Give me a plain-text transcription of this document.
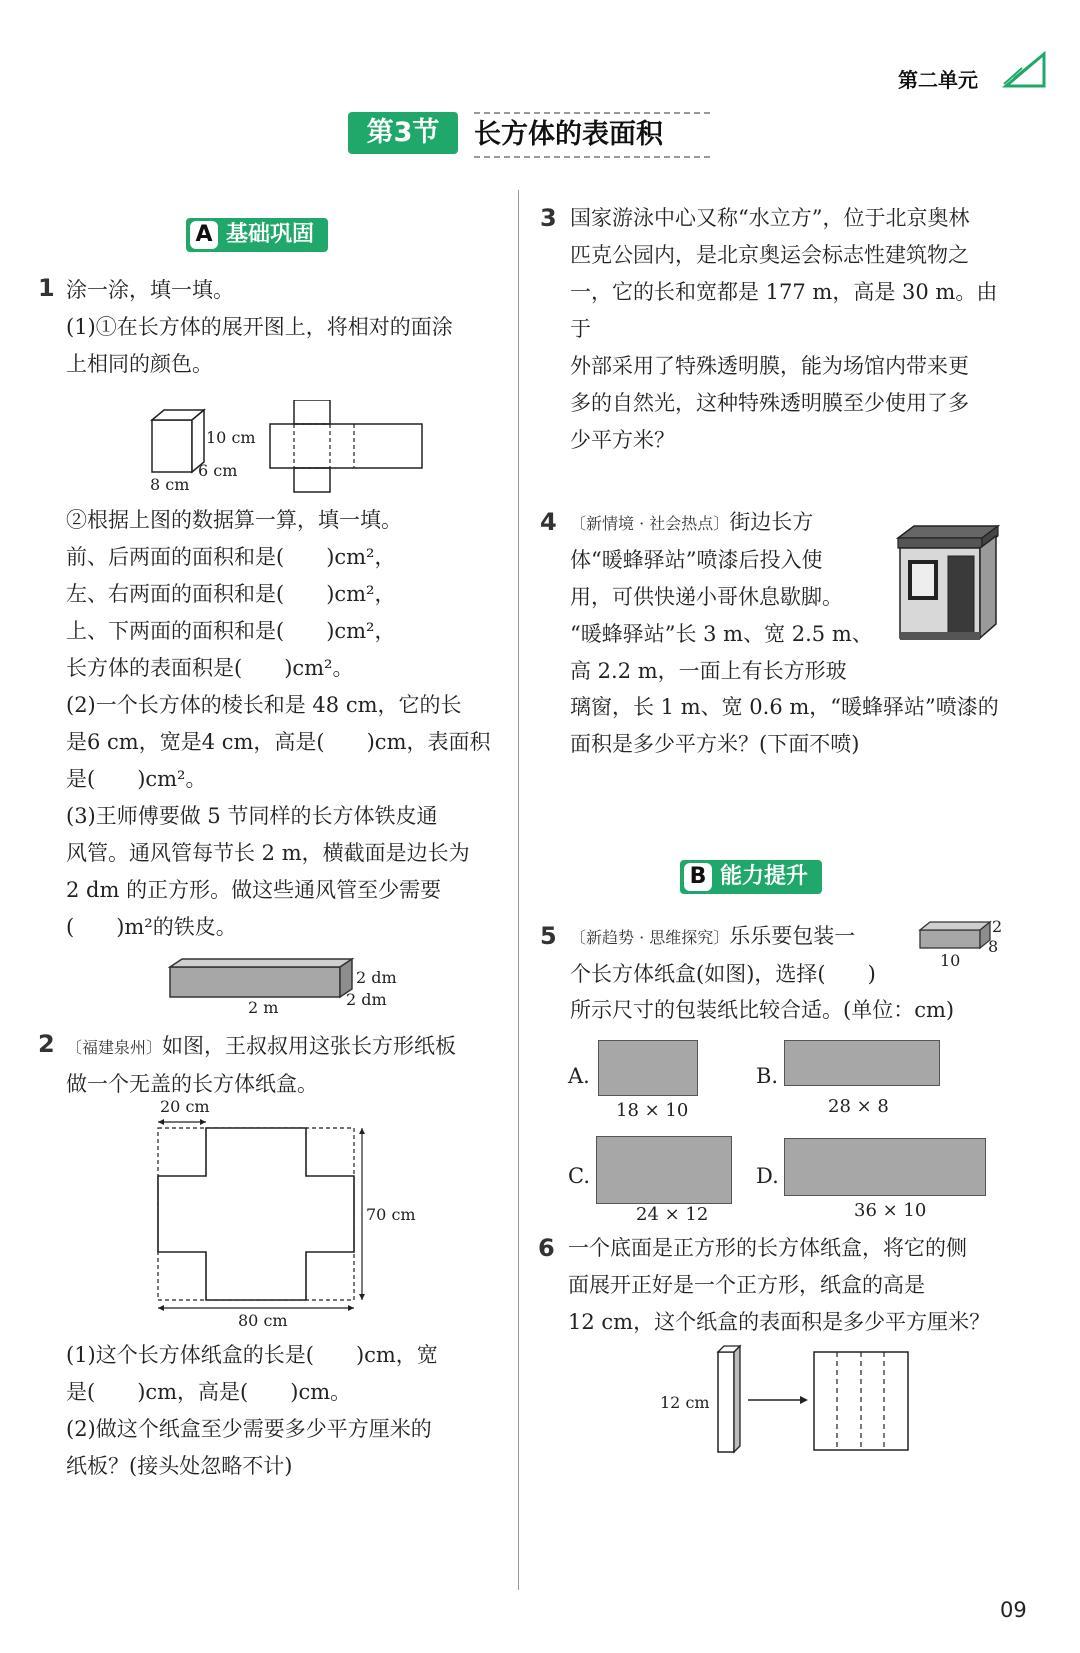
第二单元
第3节	长方体的表面积
A 基础巩固
1 涂一涂，填一填。

(1)①在长方体的展开图上，将相对的面涂

上相同的颜色。

10 cm
6 cm
8 cm

②根据上图的数据算一算，填一填。

前、后两面的面积和是(　　)cm²，

左、右两面的面积和是(　　)cm²，

上、下两面的面积和是(　　)cm²，

长方体的表面积是(　　)cm²。

(2)一个长方体的棱长和是 48 cm，它的长

是6 cm，宽是4 cm，高是(　　)cm，表面积

是(　　)cm²。

(3)王师傅要做 5 节同样的长方体铁皮通

风管。通风管每节长 2 m，横截面是边长为

2 dm 的正方形。做这些通风管至少需要

(　　)m²的铁皮。

2 dm
2 dm
2 m
2 〔福建泉州〕如图，王叔叔用这张长方形纸板

做一个无盖的长方体纸盒。

20 cm
70 cm
80 cm

(1)这个长方体纸盒的长是(　　)cm，宽

是(　　)cm，高是(　　)cm。

(2)做这个纸盒至少需要多少平方厘米的

纸板？(接头处忽略不计)

3 国家游泳中心又称“水立方”，位于北京奥林

匹克公园内，是北京奥运会标志性建筑物之

一，它的长和宽都是 177 m，高是 30 m。由于

外部采用了特殊透明膜，能为场馆内带来更

多的自然光，这种特殊透明膜至少使用了多

少平方米？

4 〔新情境 · 社会热点〕街边长方

体“暖蜂驿站”喷漆后投入使

用，可供快递小哥休息歇脚。

“暖蜂驿站”长 3 m、宽 2.5 m、

高 2.2 m，一面上有长方形玻

璃窗，长 1 m、宽 0.6 m，“暖蜂驿站”喷漆的

面积是多少平方米？(下面不喷)

B 能力提升
5 〔新趋势 · 思维探究〕乐乐要包装一

个长方体纸盒(如图)，选择(　　)

所示尺寸的包装纸比较合适。(单位：cm)

2
8
10
A.
18 × 10
B.
28 × 8
C.
24 × 12
D.
36 × 10
6 一个底面是正方形的长方体纸盒，将它的侧

面展开正好是一个正方形，纸盒的高是

12 cm，这个纸盒的表面积是多少平方厘米？

12 cm
09
